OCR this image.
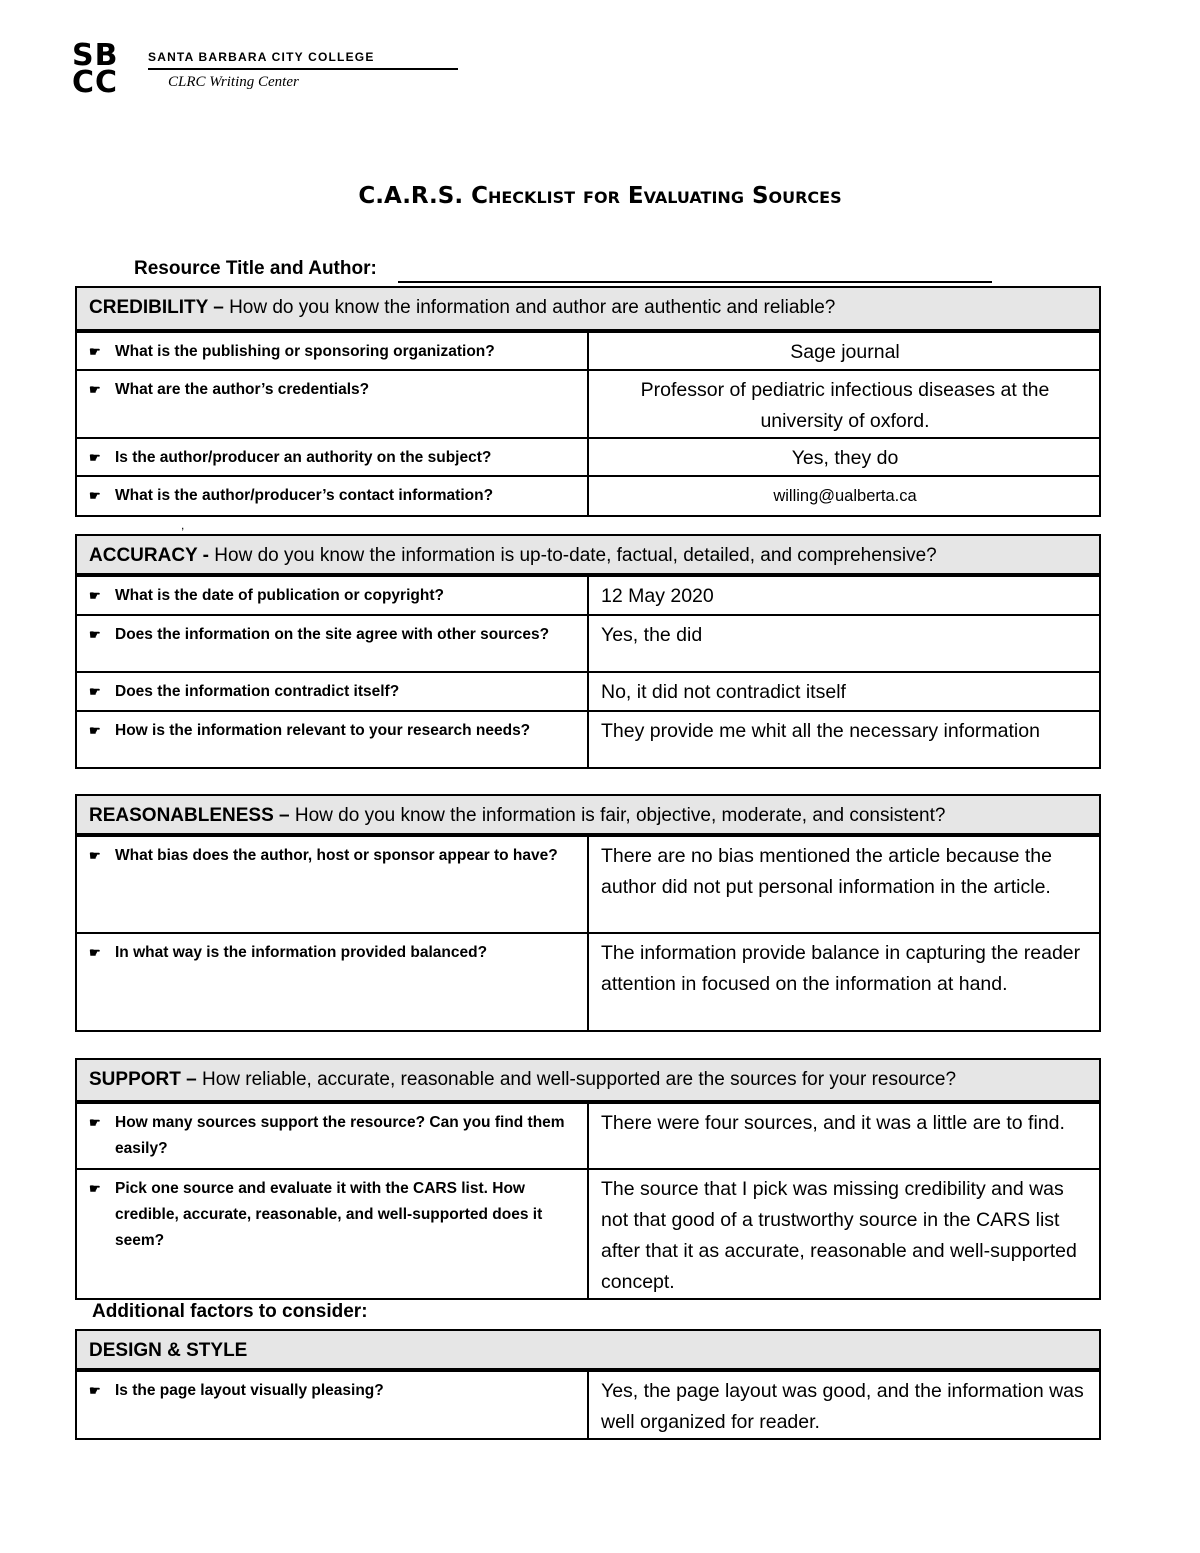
SB
CC
SANTA BARBARA CITY COLLEGE
CLRC Writing Center
C.A.R.S. Checklist for Evaluating Sources
Resource Title and Author:
CREDIBILITY – How do you know the information and author are authentic and reliable?	

☛ What is the publishing or sponsoring organization?	Sage journal

☛ What are the author’s credentials?	Professor of pediatric infectious diseases at the university of oxford.

☛ Is the author/producer an authority on the subject?	Yes, they do

☛ What is the author/producer’s contact information?	willing@ualberta.ca
,
ACCURACY - How do you know the information is up-to-date, factual, detailed, and comprehensive?	

☛ What is the date of publication or copyright?	12 May 2020

☛ Does the information on the site agree with other sources?	Yes, the did

☛ Does the information contradict itself?	No, it did not contradict itself

☛ How is the information relevant to your research needs?	They provide me whit all the necessary information
REASONABLENESS – How do you know the information is fair, objective, moderate, and consistent?	

☛ What bias does the author, host or sponsor appear to have?	There are no bias mentioned the article because the author did not put personal information in the article.

☛ In what way is the information provided balanced?	The information provide balance in capturing the reader attention in focused on the information at hand.
SUPPORT – How reliable, accurate, reasonable and well-supported are the sources for your resource?	

☛ How many sources support the resource? Can you find them easily?	There were four sources, and it was a little are to find.

☛ Pick one source and evaluate it with the CARS list. How credible, accurate, reasonable, and well-supported does it seem?	The source that I pick was missing credibility and was not that good of a trustworthy source in the CARS list after that it as accurate, reasonable and well-supported concept.
Additional factors to consider:
DESIGN & STYLE

☛ Is the page layout visually pleasing?	Yes, the page layout was good, and the information was well organized for reader.
